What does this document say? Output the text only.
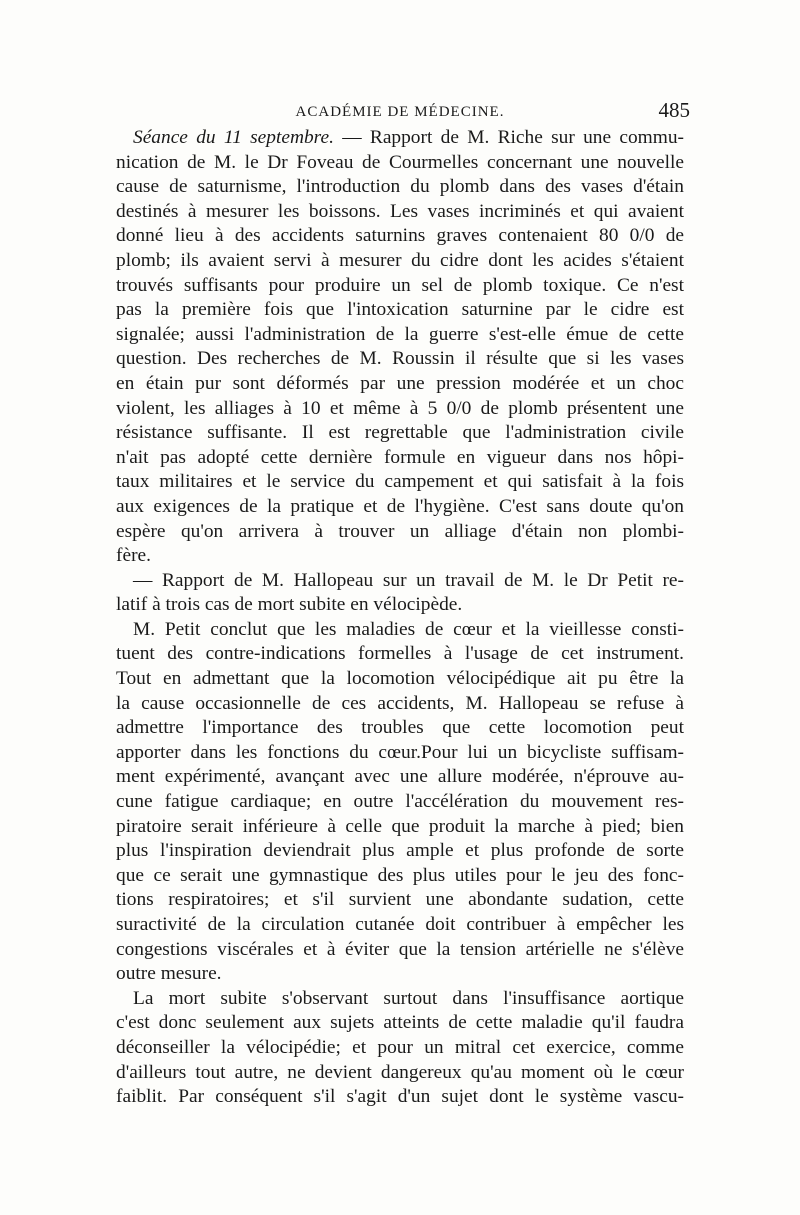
ACADÉMIE DE MÉDECINE.	485
Séance du 11 septembre. — Rapport de M. Riche sur une commu-
nication de M. le Dr Foveau de Courmelles concernant une nouvelle
cause de saturnisme, l'introduction du plomb dans des vases d'étain
destinés à mesurer les boissons. Les vases incriminés et qui avaient
donné lieu à des accidents saturnins graves contenaient 80 0/0 de
plomb; ils avaient servi à mesurer du cidre dont les acides s'étaient
trouvés suffisants pour produire un sel de plomb toxique. Ce n'est
pas la première fois que l'intoxication saturnine par le cidre est
signalée; aussi l'administration de la guerre s'est-elle émue de cette
question. Des recherches de M. Roussin il résulte que si les vases
en étain pur sont déformés par une pression modérée et un choc
violent, les alliages à 10 et même à 5 0/0 de plomb présentent une
résistance suffisante. Il est regrettable que l'administration civile
n'ait pas adopté cette dernière formule en vigueur dans nos hôpi-
taux militaires et le service du campement et qui satisfait à la fois
aux exigences de la pratique et de l'hygiène. C'est sans doute qu'on
espère qu'on arrivera à trouver un alliage d'étain non plombi-
fère.
— Rapport de M. Hallopeau sur un travail de M. le Dr Petit re-
latif à trois cas de mort subite en vélocipède.
M. Petit conclut que les maladies de cœur et la vieillesse consti-
tuent des contre-indications formelles à l'usage de cet instrument.
Tout en admettant que la locomotion vélocipédique ait pu être la
la cause occasionnelle de ces accidents, M. Hallopeau se refuse à
admettre l'importance des troubles que cette locomotion peut
apporter dans les fonctions du cœur.Pour lui un bicycliste suffisam-
ment expérimenté, avançant avec une allure modérée, n'éprouve au-
cune fatigue cardiaque; en outre l'accélération du mouvement res-
piratoire serait inférieure à celle que produit la marche à pied; bien
plus l'inspiration deviendrait plus ample et plus profonde de sorte
que ce serait une gymnastique des plus utiles pour le jeu des fonc-
tions respiratoires; et s'il survient une abondante sudation, cette
suractivité de la circulation cutanée doit contribuer à empêcher les
congestions viscérales et à éviter que la tension artérielle ne s'élève
outre mesure.
La mort subite s'observant surtout dans l'insuffisance aortique
c'est donc seulement aux sujets atteints de cette maladie qu'il faudra
déconseiller la vélocipédie; et pour un mitral cet exercice, comme
d'ailleurs tout autre, ne devient dangereux qu'au moment où le cœur
faiblit. Par conséquent s'il s'agit d'un sujet dont le système vascu-
